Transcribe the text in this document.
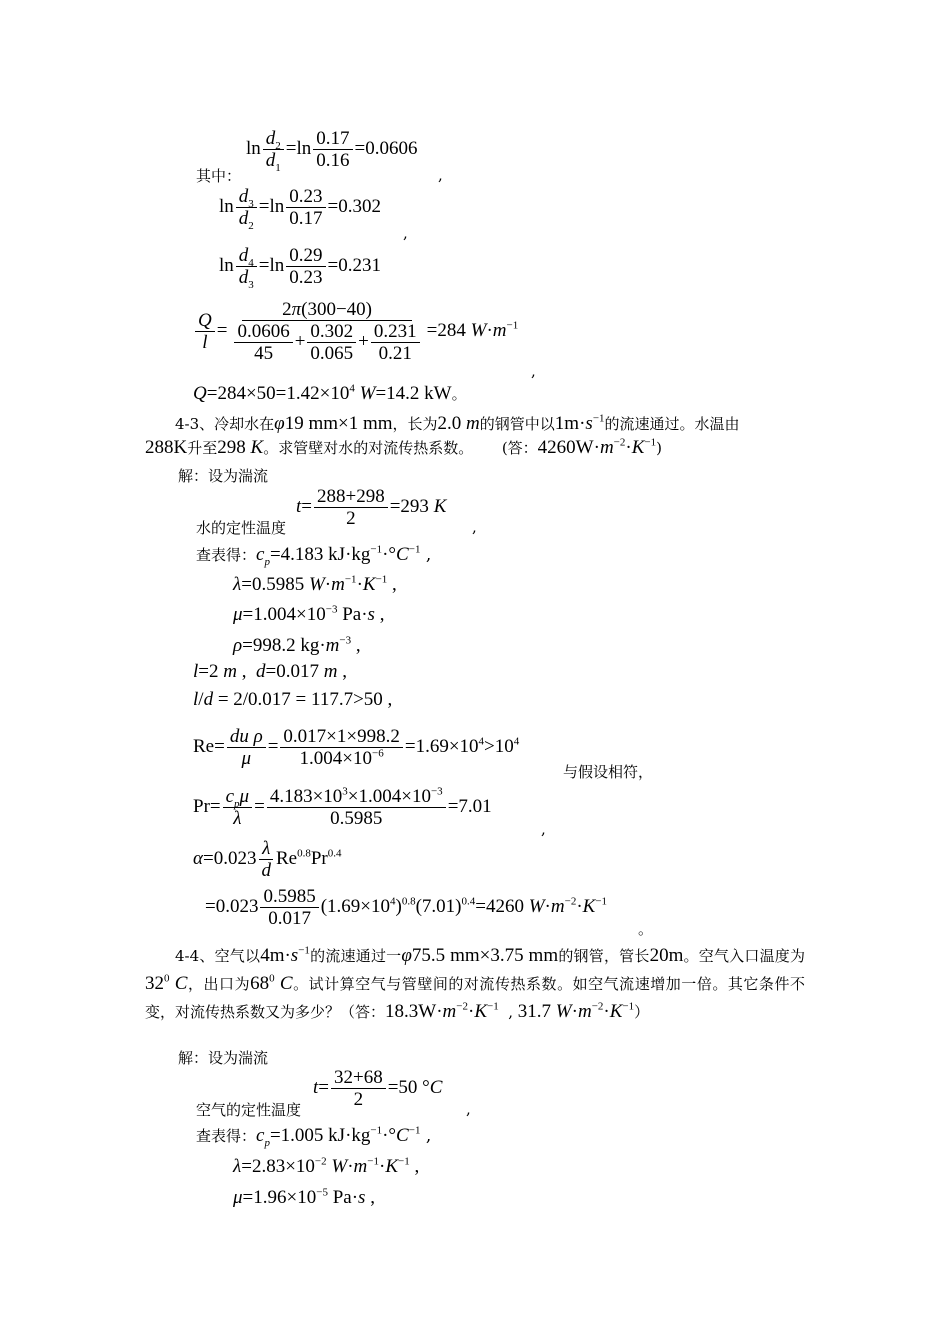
$\ln \frac{d_2}{d_1} =\ln \frac{0.17}{0.16} =0.0606$
其中：	,
$\ln \frac{d_3}{d_2} =\ln \frac{0.23}{0.17} =0.302$
,
$\ln \frac{d_4}{d_3} =\ln \frac{0.29}{0.23} =0.231$
$\frac{Q}{l} = \frac{2\pi(300-40)}{\frac{0.0606}{45} + \frac{0.302}{0.065} + \frac{0.231}{0.21}} =284$ $W\cdot m^{-1}$
,
$Q=284\times 50=1.42\times 10^4$ W=14.2 kW。
4-3、冷却水在φ19 mm×1 mm，长为2.0 m的钢管中以$1m\cdot s^{-1}$的流速通过。水温由
288K升至298 K。求管壁对水的对流传热系数。 (答：$4260W\cdot m^{-2}\cdot K^{-1}$)
解：设为湍流
水的定性温度
$t= \frac{288+298}{2} =293$ K
,
查表得：$c_p=4.183$ $kJ\cdot kg^{-1}\cdot^\circ C^{-1}$ ,
λ=0.5985 $W\cdot m^{-1}\cdot K^{-1}$ ,
$\mu=1.004\times 10^{-3}$ Pa·s ,
ρ=998.2 $kg\cdot m^{-3}$ ,
l=2 m ,  d=0.017 m ,
l/d = 2/0.017 = 117.7>50 ,
$Re= \frac{\text{du ρ}}{\mu} = \frac{0.017\times 1\times 998.2}{1.004\times 10^{-6}} =1.69\times 10^4>10^4$
与假设相符，
$Pr= \frac{c_p\mu}{\lambda} = \frac{4.183\times 10^3\times 1.004\times 10^{-3}}{0.5985} =7.01$
,
$\alpha=0.023 \frac{\lambda}{d} Re^{0.8}Pr^{0.4}$
$=0.023 \frac{0.5985}{0.017} (1.69\times 10^4)^{0.8}(7.01)^{0.4}=4260$ $W\cdot m^{-2}\cdot K^{-1}$
。
4-4、空气以$4m\cdot s^{-1}$的流速通过一φ75.5 mm×3.75 mm的钢管，管长20m。空气入口温度为$32^0$ C，出口为$68^0$ C。试计算空气与管壁间的对流传热系数。如空气流速增加一倍。其它条件不变，对流传热系数又为多少？（答：$18.3W\cdot m^{-2}\cdot K^{-1}$  , 31.7 $W\cdot m^{-2}\cdot K^{-1}$）
解：设为湍流
空气的定性温度
$t= \frac{32+68}{2} =50$ °C
,
查表得：$c_p=1.005$ $kJ\cdot kg^{-1}\cdot^\circ C^{-1}$ ,
$\lambda=2.83\times 10^{-2}$ $W\cdot m^{-1}\cdot K^{-1}$ ,
$\mu=1.96\times 10^{-5}$ Pa·s ,
